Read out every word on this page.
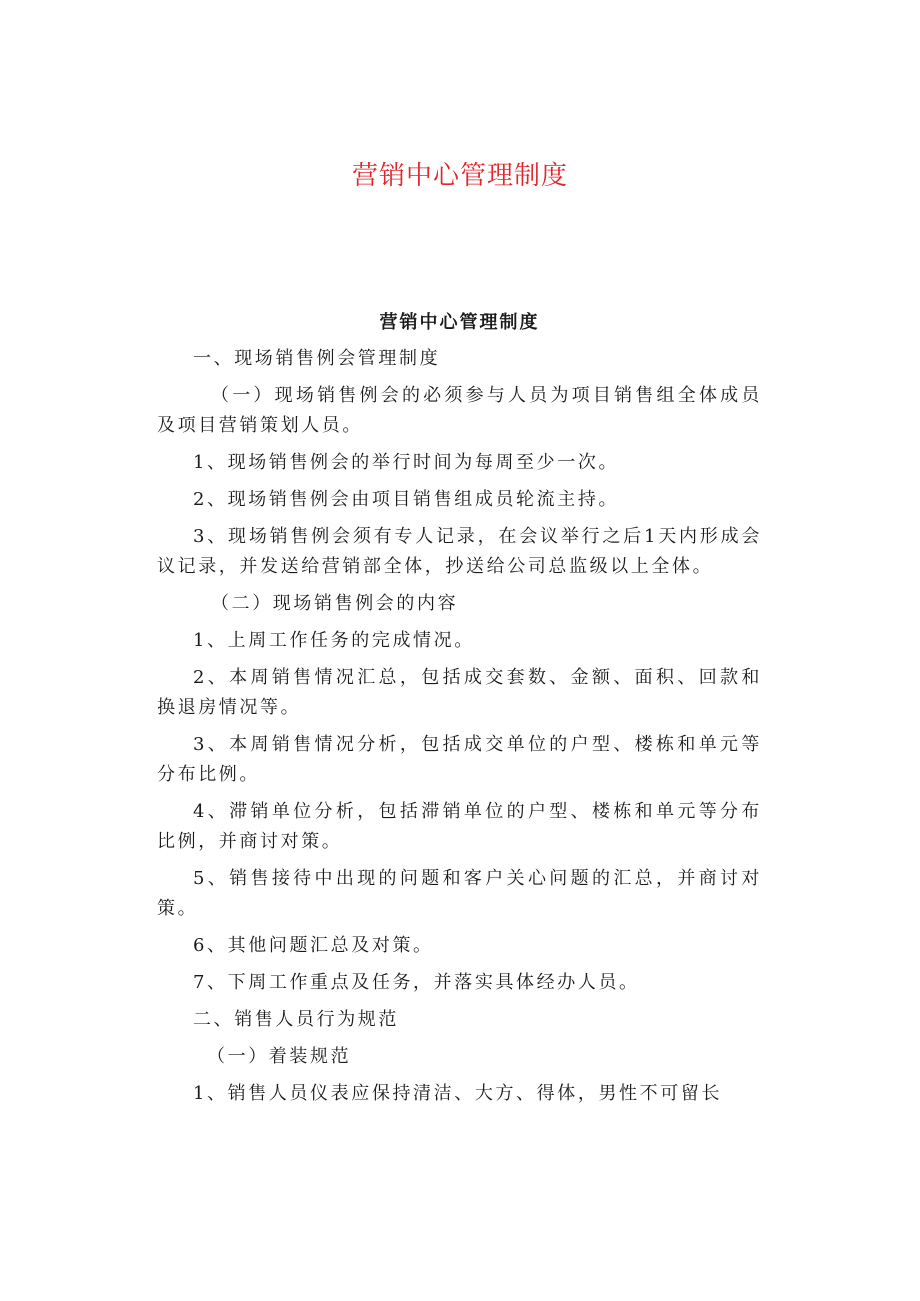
营销中心管理制度
营销中心管理制度

一、现场销售例会管理制度

（一）现场销售例会的必须参与人员为项目销售组全体成员及项目营销策划人员。

1、现场销售例会的举行时间为每周至少一次。

2、现场销售例会由项目销售组成员轮流主持。

3、现场销售例会须有专人记录，在会议举行之后1天内形成会议记录，并发送给营销部全体，抄送给公司总监级以上全体。

（二）现场销售例会的内容

1、上周工作任务的完成情况。

2、本周销售情况汇总，包括成交套数、金额、面积、回款和换退房情况等。

3、本周销售情况分析，包括成交单位的户型、楼栋和单元等分布比例。

4、滞销单位分析，包括滞销单位的户型、楼栋和单元等分布比例，并商讨对策。

5、销售接待中出现的问题和客户关心问题的汇总，并商讨对策。

6、其他问题汇总及对策。

7、下周工作重点及任务，并落实具体经办人员。

二、销售人员行为规范

（一）着装规范

1、销售人员仪表应保持清洁、大方、得体，男性不可留长
